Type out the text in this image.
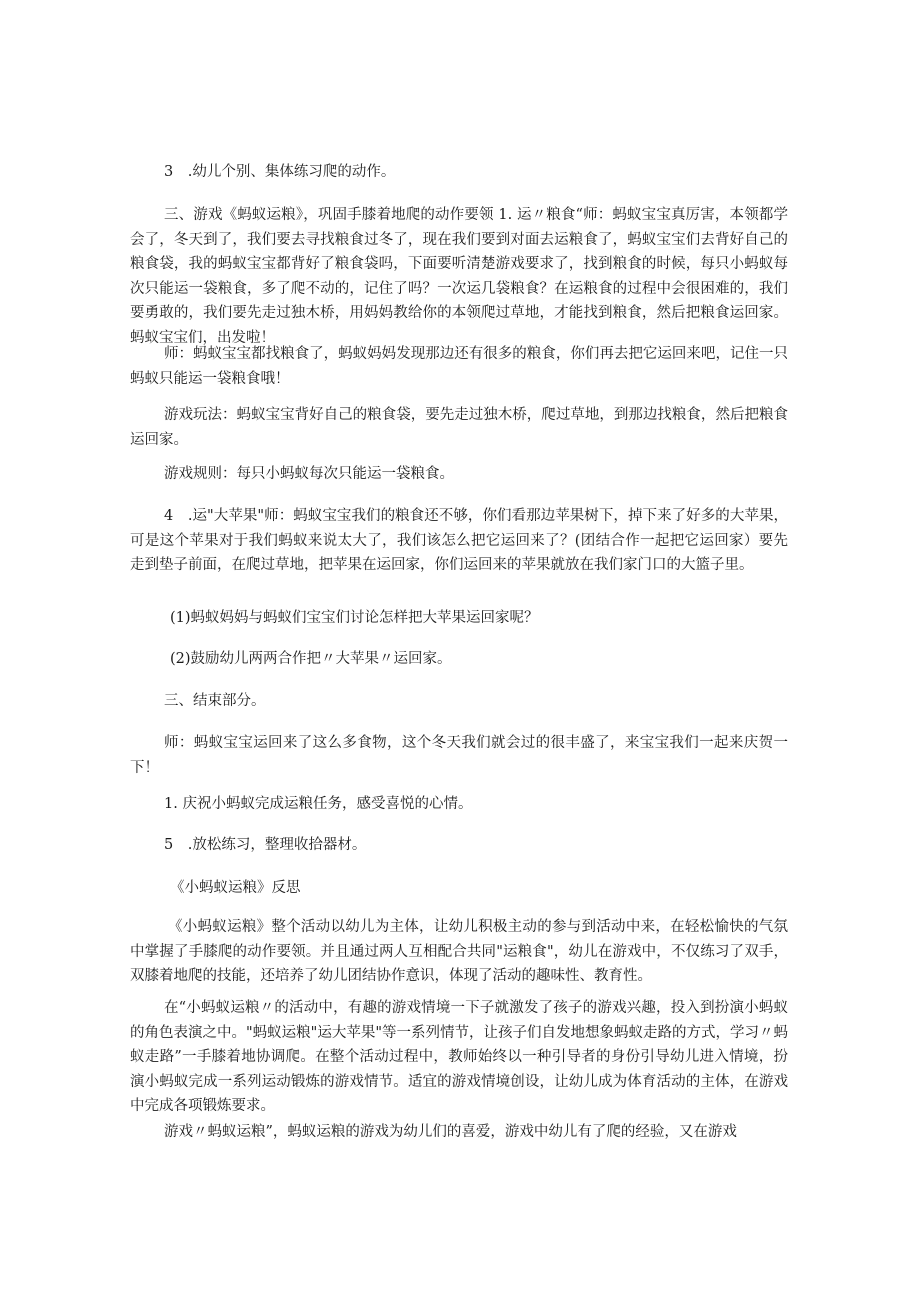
3　.幼儿个别、集体练习爬的动作。

三、游戏《蚂蚁运粮》，巩固手膝着地爬的动作要领 1. 运〃粮食“师：蚂蚁宝宝真厉害，本领都学会了，冬天到了，我们要去寻找粮食过冬了，现在我们要到对面去运粮食了，蚂蚁宝宝们去背好自己的粮食袋，我的蚂蚁宝宝都背好了粮食袋吗，下面要听清楚游戏要求了，找到粮食的时候，每只小蚂蚁每次只能运一袋粮食，多了爬不动的，记住了吗？一次运几袋粮食？在运粮食的过程中会很困难的，我们要勇敢的，我们要先走过独木桥，用妈妈教给你的本领爬过草地，才能找到粮食，然后把粮食运回家。蚂蚁宝宝们，出发啦！

师：蚂蚁宝宝都找粮食了，蚂蚁妈妈发现那边还有很多的粮食，你们再去把它运回来吧，记住一只蚂蚁只能运一袋粮食哦！

游戏玩法：蚂蚁宝宝背好自己的粮食袋，要先走过独木桥，爬过草地，到那边找粮食，然后把粮食运回家。

游戏规则：每只小蚂蚁每次只能运一袋粮食。

4　.运"大苹果"师：蚂蚁宝宝我们的粮食还不够，你们看那边苹果树下，掉下来了好多的大苹果，可是这个苹果对于我们蚂蚁来说太大了，我们该怎么把它运回来了？(团结合作一起把它运回家）要先走到垫子前面，在爬过草地，把苹果在运回家，你们运回来的苹果就放在我们家门口的大篮子里。

(1)蚂蚁妈妈与蚂蚁们宝宝们讨论怎样把大苹果运回家呢？

(2)鼓励幼儿两两合作把〃大苹果〃运回家。

三、结束部分。

师：蚂蚁宝宝运回来了这么多食物，这个冬天我们就会过的很丰盛了，来宝宝我们一起来庆贺一下！

1. 庆祝小蚂蚁完成运粮任务，感受喜悦的心情。

5　.放松练习，整理收拾器材。

《小蚂蚁运粮》反思

《小蚂蚁运粮》整个活动以幼儿为主体，让幼儿积极主动的参与到活动中来，在轻松愉快的气氛中掌握了手膝爬的动作要领。并且通过两人互相配合共同"运粮食"，幼儿在游戏中，不仅练习了双手，双膝着地爬的技能，还培养了幼儿团结协作意识，体现了活动的趣味性、教育性。

在“小蚂蚁运粮〃的活动中，有趣的游戏情境一下子就激发了孩子的游戏兴趣，投入到扮演小蚂蚁的角色表演之中。"蚂蚁运粮"运大苹果"等一系列情节，让孩子们自发地想象蚂蚁走路的方式，学习〃蚂蚁走路”一手膝着地协调爬。在整个活动过程中，教师始终以一种引导者的身份引导幼儿进入情境，扮演小蚂蚁完成一系列运动锻炼的游戏情节。适宜的游戏情境创设，让幼儿成为体育活动的主体，在游戏中完成各项锻炼要求。

游戏〃蚂蚁运粮”，蚂蚁运粮的游戏为幼儿们的喜爱，游戏中幼儿有了爬的经验，又在游戏
